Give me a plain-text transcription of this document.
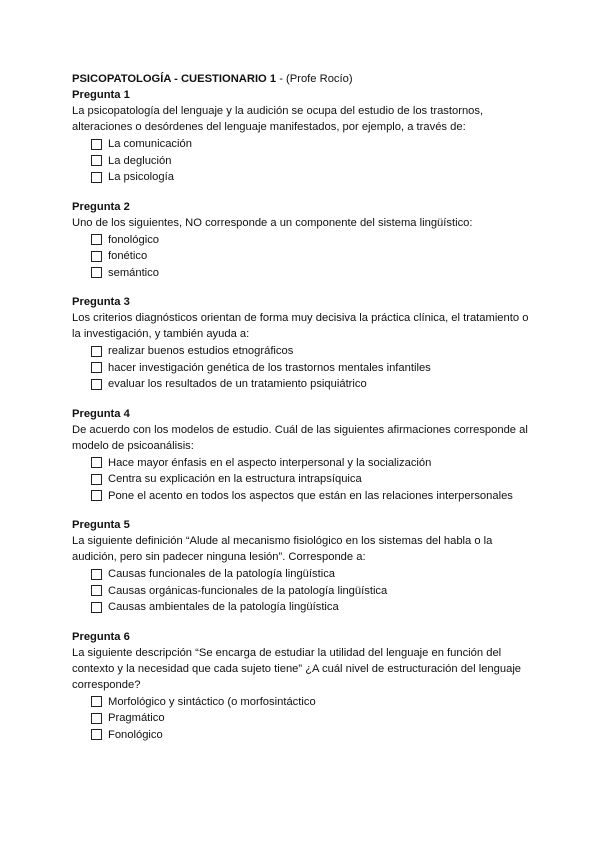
PSICOPATOLOGÍA - CUESTIONARIO 1 - (Profe Rocío)
Pregunta 1
La psicopatología del lenguaje y la audición se ocupa del estudio de los trastornos, alteraciones o desórdenes del lenguaje manifestados, por ejemplo, a través de:
La comunicación
La deglución
La psicología
Pregunta 2
Uno de los siguientes, NO corresponde a un componente del sistema lingüístico:
fonológico
fonético
semántico
Pregunta 3
Los criterios diagnósticos orientan de forma muy decisiva la práctica clínica, el tratamiento o la investigación, y también ayuda a:
realizar buenos estudios etnográficos
hacer investigación genética de los trastornos mentales infantiles
evaluar los resultados de un tratamiento psiquiátrico
Pregunta 4
De acuerdo con los modelos de estudio. Cuál de las siguientes afirmaciones corresponde al modelo de psicoanálisis:
Hace mayor énfasis en el aspecto interpersonal y la socialización
Centra su explicación en la estructura intrapsíquica
Pone el acento en todos los aspectos que están en las relaciones interpersonales
Pregunta 5
La siguiente definición “Alude al mecanismo fisiológico en los sistemas del habla o la audición, pero sin padecer ninguna lesión”. Corresponde a:
Causas funcionales de la patología lingüística
Causas orgánicas-funcionales de la patología lingüística
Causas ambientales de la patología lingüística
Pregunta 6
La siguiente descripción “Se encarga de estudiar la utilidad del lenguaje en función del contexto y la necesidad que cada sujeto tiene” ¿A cuál nivel de estructuración del lenguaje corresponde?
Morfológico y sintáctico (o morfosintáctico
Pragmático
Fonológico
